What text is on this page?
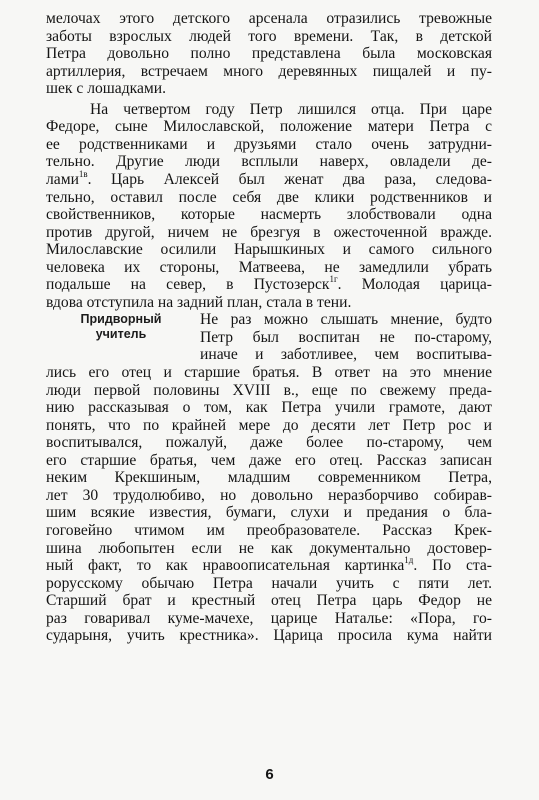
мелочах этого детского арсенала отразились тревожные
заботы взрослых людей того времени. Так, в детской
Петра довольно полно представлена была московская
артиллерия, встречаем много деревянных пищалей и пу-
шек с лошадками.
На четвертом году Петр лишился отца. При царе
Федоре, сыне Милославской, положение матери Петра с
ее родственниками и друзьями стало очень затрудни-
тельно. Другие люди всплыли наверх, овладели де-
лами$^{1в}$. Царь Алексей был женат два раза, следова-
тельно, оставил после себя две клики родственников и
свойственников, которые насмерть злобствовали одна
против другой, ничем не брезгуя в ожесточенной вражде.
Милославские осилили Нарышкиных и самого сильного
человека их стороны, Матвеева, не замедлили убрать
подальше на север, в Пустозерск$^{1г}$. Молодая царица-
вдова отступила на задний план, стала в тени.
Придворный
учитель
Не раз можно слышать мнение, будто
Петр был воспитан не по-старому,
иначе и заботливее, чем воспитыва-
лись его отец и старшие братья. В ответ на это мнение
люди первой половины XVIII в., еще по свежему преда-
нию рассказывая о том, как Петра учили грамоте, дают
понять, что по крайней мере до десяти лет Петр рос и
воспитывался, пожалуй, даже более по-старому, чем
его старшие братья, чем даже его отец. Рассказ записан
неким Крекшиным, младшим современником Петра,
лет 30 трудолюбиво, но довольно неразборчиво собирав-
шим всякие известия, бумаги, слухи и предания о бла-
гоговейно чтимом им преобразователе. Рассказ Крек-
шина любопытен если не как документально достовер-
ный факт, то как нравоописательная картинка$^{1д}$. По ста-
рорусскому обычаю Петра начали учить с пяти лет.
Старший брат и крестный отец Петра царь Федор не
раз говаривал куме-мачехе, царице Наталье: «Пора, го-
сударыня, учить крестника». Царица просила кума найти
6
